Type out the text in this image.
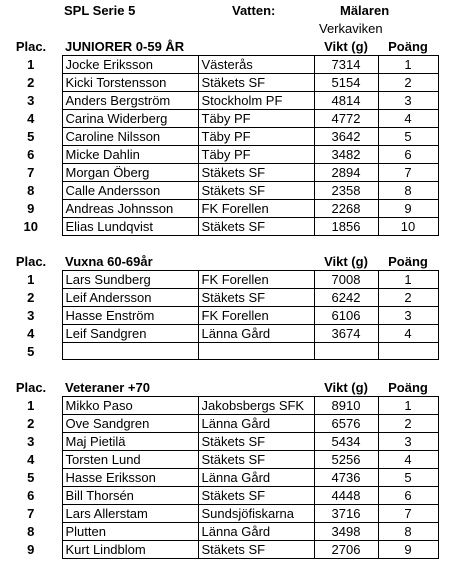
SPL Serie 5	Vatten:	Mälaren
Verkaviken
Plac.	JUNIORER 0-59 ÅR		Vikt (g)	Poäng
1	Jocke Eriksson	Västerås	7314	1
2	Kicki Torstensson	Stäkets SF	5154	2
3	Anders Bergström	Stockholm PF	4814	3
4	Carina Widerberg	Täby PF	4772	4
5	Caroline Nilsson	Täby PF	3642	5
6	Micke Dahlin	Täby PF	3482	6
7	Morgan Öberg	Stäkets SF	2894	7
8	Calle Andersson	Stäkets SF	2358	8
9	Andreas Johnsson	FK Forellen	2268	9
10	Elias Lundqvist	Stäkets SF	1856	10
Plac.	Vuxna 60-69år		Vikt (g)	Poäng
1	Lars Sundberg	FK Forellen	7008	1
2	Leif Andersson	Stäkets SF	6242	2
3	Hasse Enström	FK Forellen	6106	3
4	Leif Sandgren	Länna Gård	3674	4
5				
Plac.	Veteraner +70		Vikt (g)	Poäng
1	Mikko Paso	Jakobsbergs SFK	8910	1
2	Ove Sandgren	Länna Gård	6576	2
3	Maj Pietilä	Stäkets SF	5434	3
4	Torsten Lund	Stäkets SF	5256	4
5	Hasse Eriksson	Länna Gård	4736	5
6	Bill Thorsén	Stäkets SF	4448	6
7	Lars Allerstam	Sundsjöfiskarna	3716	7
8	Plutten	Länna Gård	3498	8
9	Kurt Lindblom	Stäkets SF	2706	9
